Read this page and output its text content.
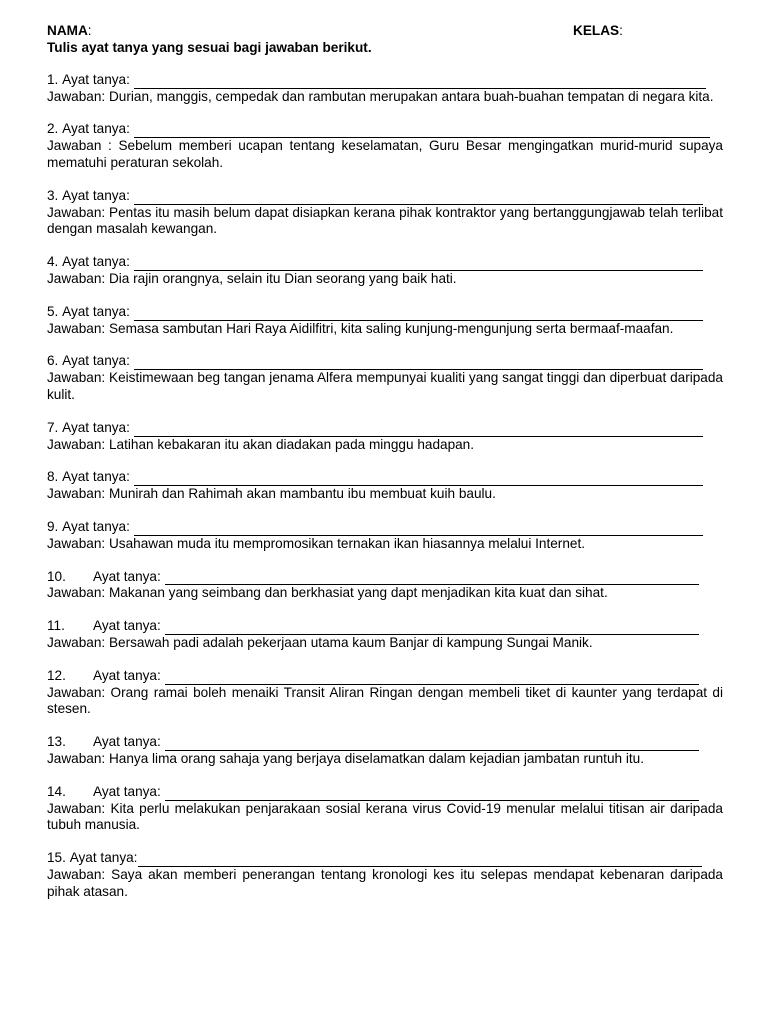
NAMA:	KELAS:
Tulis ayat tanya yang sesuai bagi jawaban berikut.
1.
Ayat tanya:
Jawaban: Durian, manggis, cempedak dan rambutan merupakan antara buah-buahan tempatan di negara kita.
2.
Ayat tanya:
Jawaban : Sebelum memberi ucapan tentang keselamatan, Guru Besar mengingatkan murid-murid supaya mematuhi peraturan sekolah.
3.
Ayat tanya:
Jawaban: Pentas itu masih belum dapat disiapkan kerana pihak kontraktor yang bertanggungjawab telah terlibat dengan masalah kewangan.
4.
Ayat tanya:
Jawaban: Dia rajin orangnya, selain itu Dian seorang yang baik hati.
5.
Ayat tanya:
Jawaban: Semasa sambutan Hari Raya Aidilfitri, kita saling kunjung-mengunjung serta bermaaf-maafan.
6.
Ayat tanya:
Jawaban: Keistimewaan beg tangan jenama Alfera mempunyai kualiti yang sangat tinggi dan diperbuat daripada kulit.
7.
Ayat tanya:
Jawaban: Latihan kebakaran itu akan diadakan pada minggu hadapan.
8.
Ayat tanya:
Jawaban: Munirah dan Rahimah akan mambantu ibu membuat kuih baulu.
9.
Ayat tanya:
Jawaban: Usahawan muda itu mempromosikan ternakan ikan hiasannya melalui Internet.
10.	Ayat tanya:
Jawaban: Makanan yang seimbang dan berkhasiat yang dapt menjadikan kita kuat dan sihat.
11.	Ayat tanya:
Jawaban: Bersawah padi adalah pekerjaan utama kaum Banjar di kampung Sungai Manik.
12.	Ayat tanya:
Jawaban: Orang ramai boleh menaiki Transit Aliran Ringan dengan membeli tiket di kaunter yang terdapat di stesen.
13.	Ayat tanya:
Jawaban: Hanya lima orang sahaja yang berjaya diselamatkan dalam kejadian jambatan runtuh itu.
14.	Ayat tanya:
Jawaban: Kita perlu melakukan penjarakaan sosial kerana virus Covid-19 menular melalui titisan air daripada tubuh manusia.
15.
Ayat tanya:
Jawaban: Saya akan memberi penerangan tentang kronologi kes itu selepas mendapat kebenaran daripada pihak atasan.
